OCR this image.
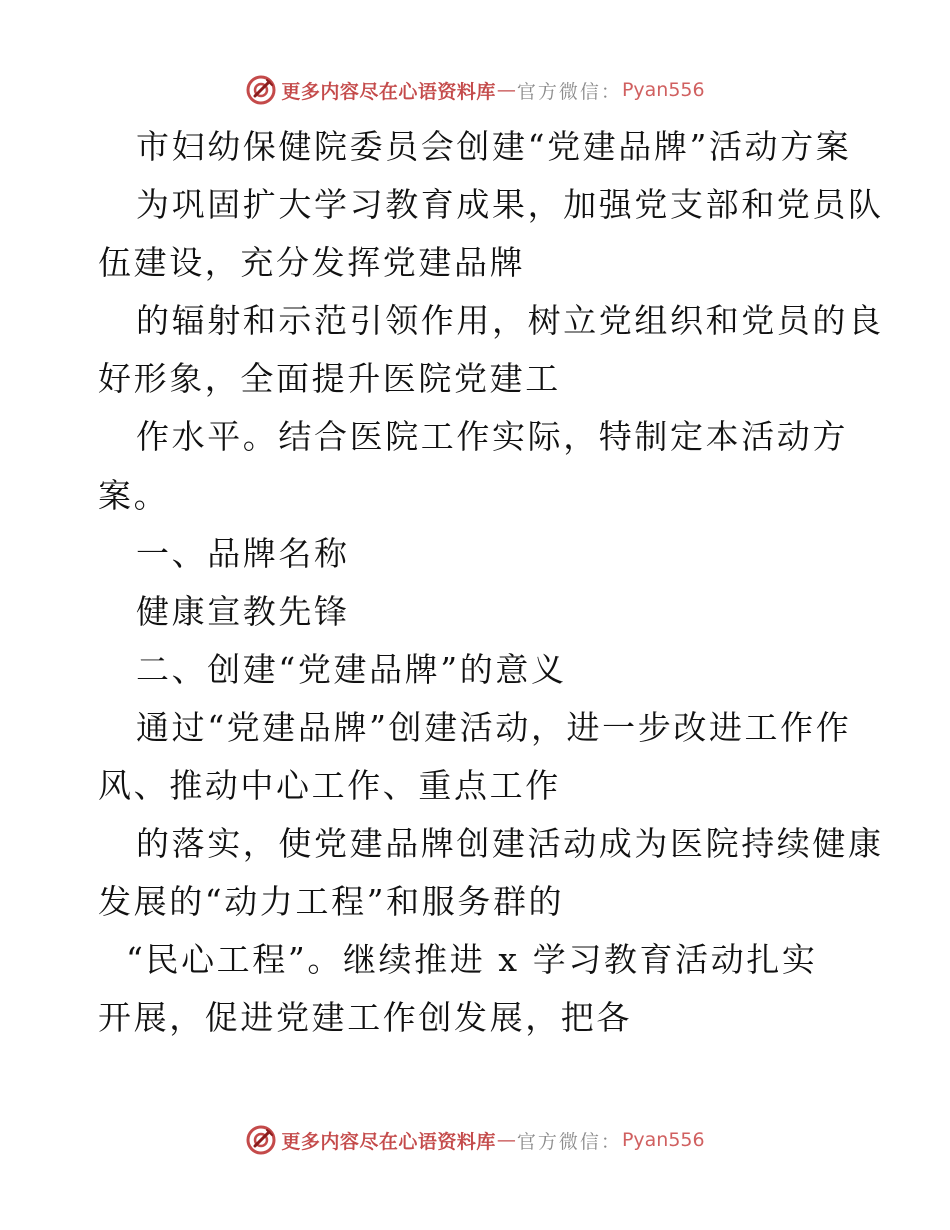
更多内容尽在心语资料库 — 官方微信： Pyan556
市妇幼保健院委员会创建“党建品牌”活动方案
为巩固扩大学习教育成果，加强党支部和党员队
伍建设，充分发挥党建品牌
的辐射和示范引领作用，树立党组织和党员的良
好形象，全面提升医院党建工
作水平。结合医院工作实际，特制定本活动方
案。
一、品牌名称
健康宣教先锋
二、创建“党建品牌”的意义
通过“党建品牌”创建活动，进一步改进工作作
风、推动中心工作、重点工作
的落实，使党建品牌创建活动成为医院持续健康
发展的“动力工程”和服务群的
“民心工程”。继续推进 x 学习教育活动扎实
开展，促进党建工作创发展，把各
更多内容尽在心语资料库 — 官方微信： Pyan556
